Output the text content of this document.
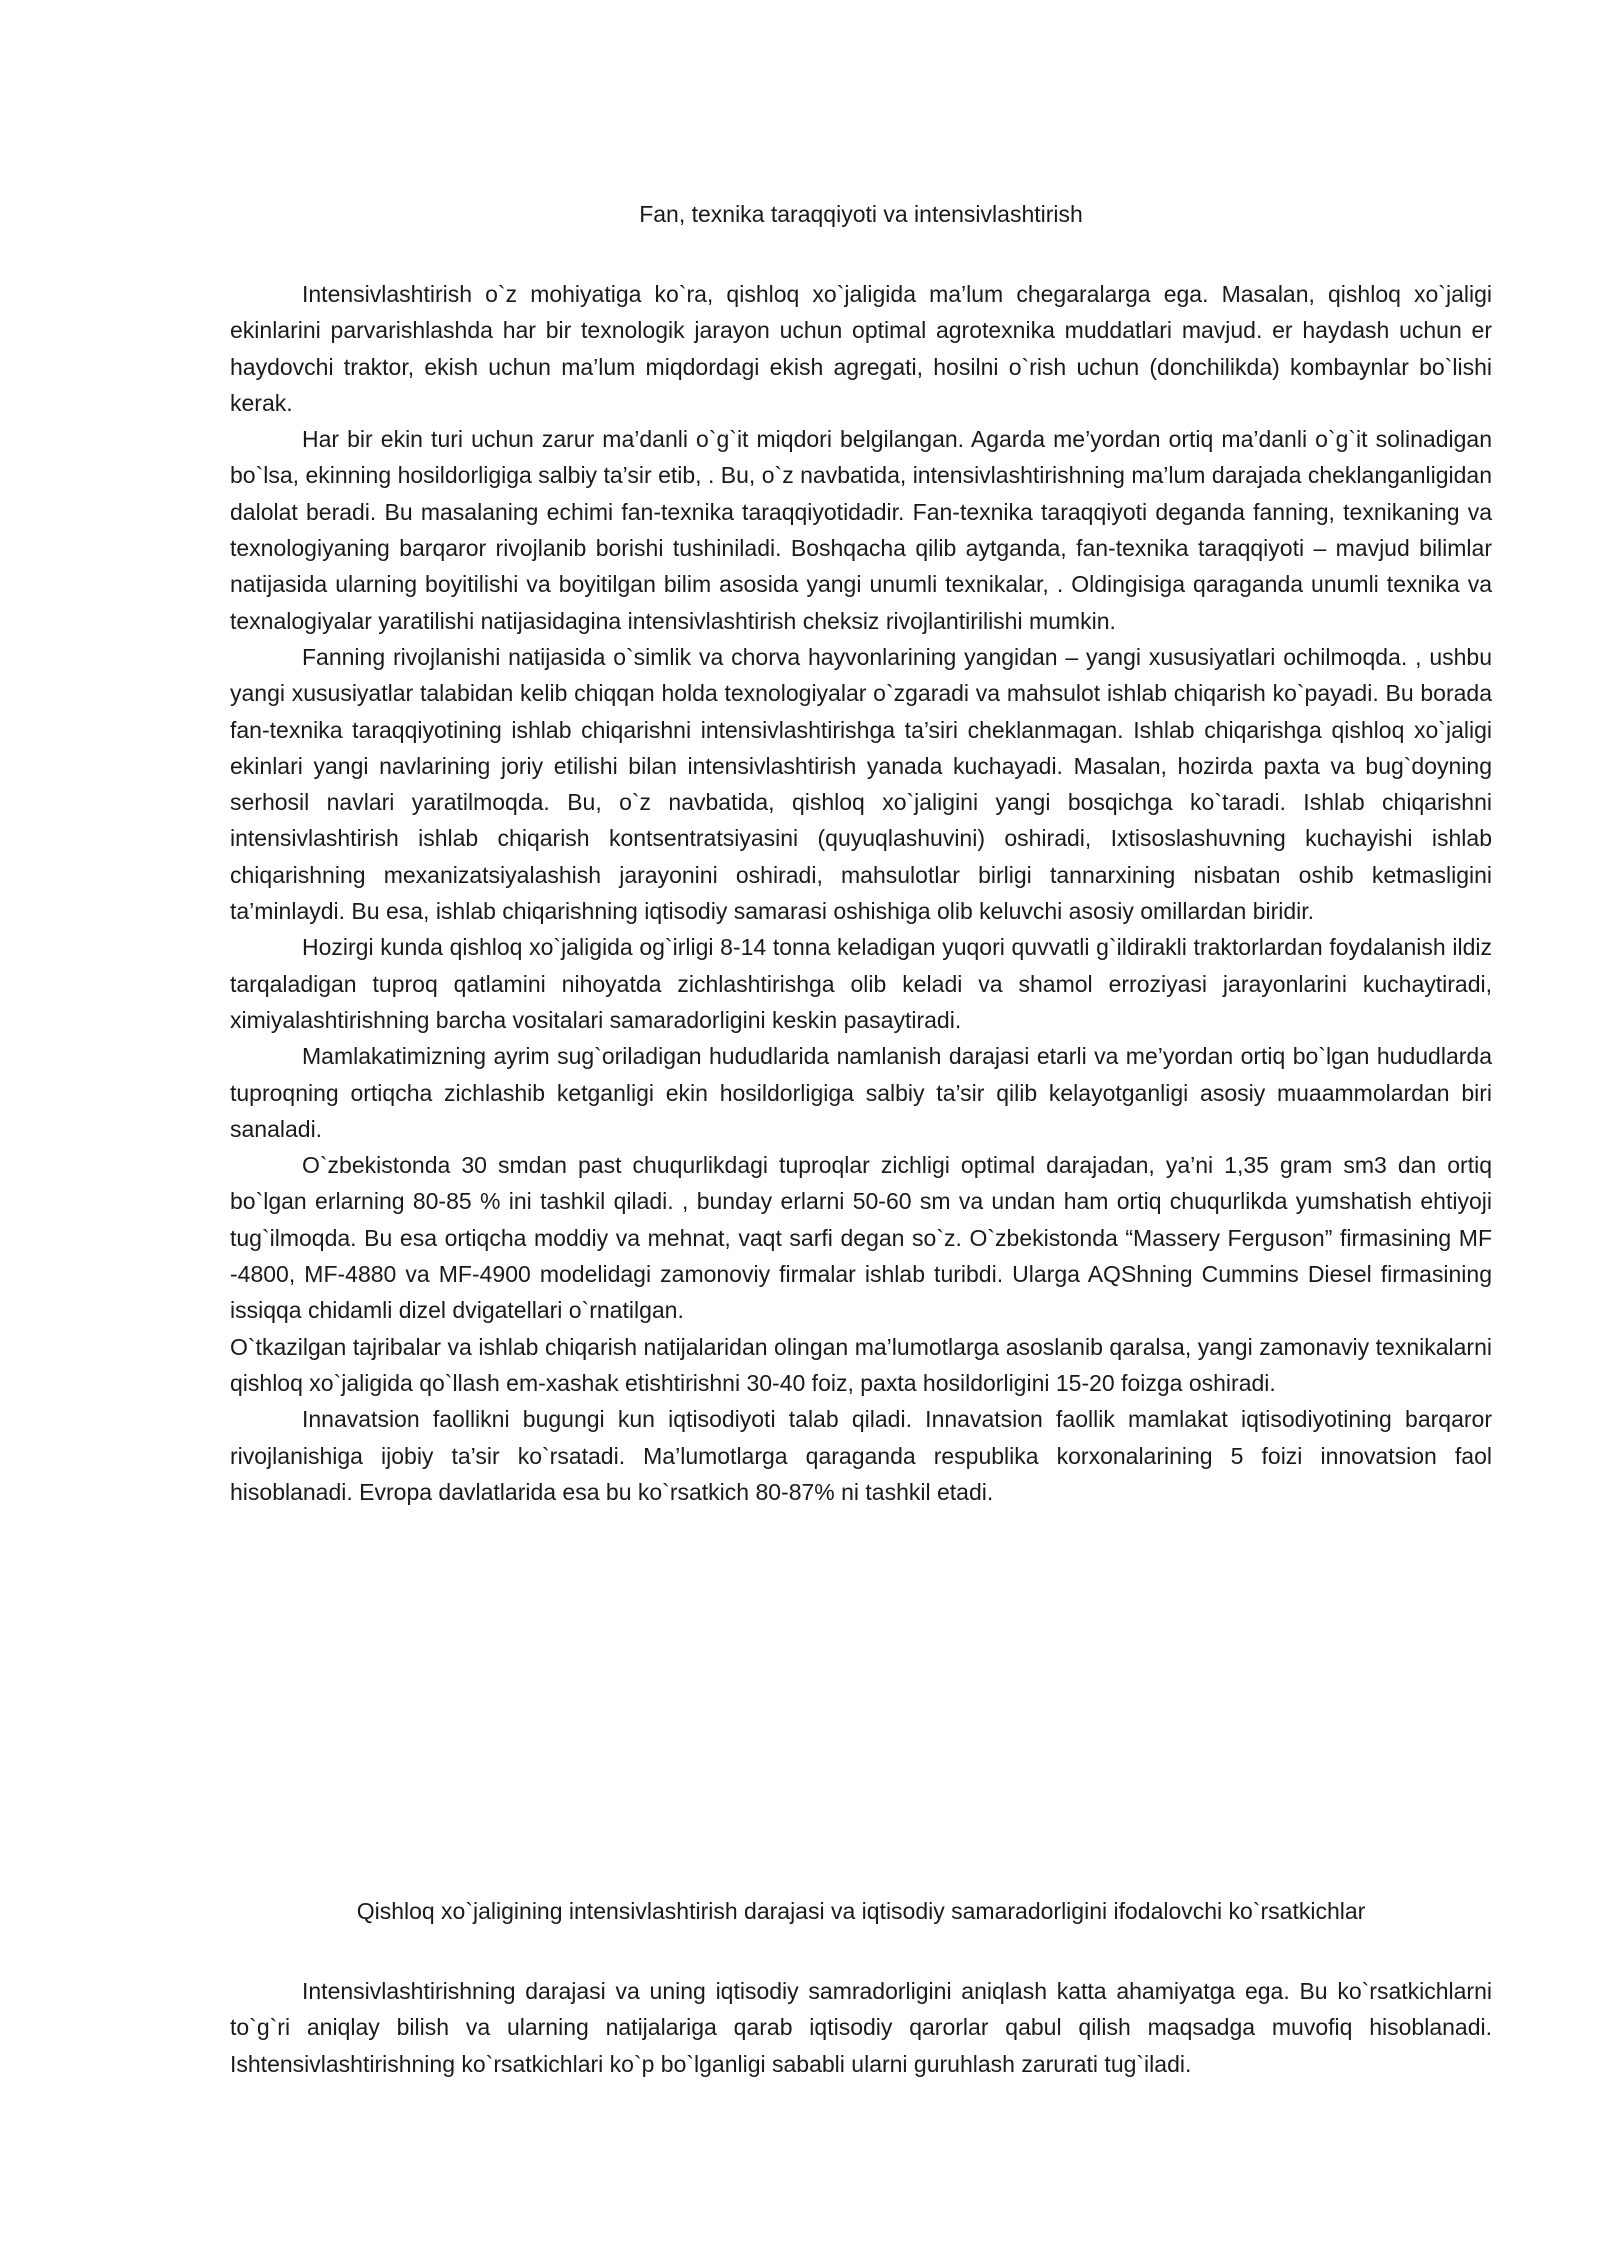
Fan, texnika taraqqiyoti va intensivlashtirish

Intensivlashtirish o`z mohiyatiga ko`ra, qishloq xo`jaligida ma’lum chegaralarga ega. Masalan, qishloq xo`jaligi ekinlarini parvarishlashda har bir texnologik jarayon uchun optimal agrotexnika muddatlari mavjud. er haydash uchun er haydovchi traktor, ekish uchun ma’lum miqdordagi ekish agregati, hosilni o`rish uchun (donchilikda) kombaynlar bo`lishi kerak.

Har bir ekin turi uchun zarur ma’danli o`g`it miqdori belgilangan. Agarda me’yordan ortiq ma’danli o`g`it solinadigan bo`lsa, ekinning hosildorligiga salbiy ta’sir etib, . Bu, o`z navbatida, intensivlashtirishning ma’lum darajada cheklanganligidan dalolat beradi. Bu masalaning echimi fan-texnika taraqqiyotidadir. Fan-texnika taraqqiyoti deganda fanning, texnikaning va texnologiyaning barqaror rivojlanib borishi tushiniladi. Boshqacha qilib aytganda, fan-texnika taraqqiyoti – mavjud bilimlar natijasida ularning boyitilishi va boyitilgan bilim asosida yangi unumli texnikalar, . Oldingisiga qaraganda unumli texnika va texnalogiyalar yaratilishi natijasidagina intensivlashtirish cheksiz rivojlantirilishi mumkin.

Fanning rivojlanishi natijasida o`simlik va chorva hayvonlarining yangidan – yangi xususiyatlari ochilmoqda. , ushbu yangi xususiyatlar talabidan kelib chiqqan holda texnologiyalar o`zgaradi va mahsulot ishlab chiqarish ko`payadi. Bu borada fan-texnika taraqqiyotining ishlab chiqarishni intensivlashtirishga ta’siri cheklanmagan. Ishlab chiqarishga qishloq xo`jaligi ekinlari yangi navlarining joriy etilishi bilan intensivlashtirish yanada kuchayadi. Masalan, hozirda paxta va bug`doyning serhosil navlari yaratilmoqda. Bu, o`z navbatida, qishloq xo`jaligini yangi bosqichga ko`taradi. Ishlab chiqarishni intensivlashtirish ishlab chiqarish kontsentratsiyasini (quyuqlashuvini) oshiradi, Ixtisoslashuvning kuchayishi ishlab chiqarishning mexanizatsiyalashish jarayonini oshiradi, mahsulotlar birligi tannarxining nisbatan oshib ketmasligini ta’minlaydi. Bu esa, ishlab chiqarishning iqtisodiy samarasi oshishiga olib keluvchi asosiy omillardan biridir.

Hozirgi kunda qishloq xo`jaligida og`irligi 8-14 tonna keladigan yuqori quvvatli g`ildirakli traktorlardan foydalanish ildiz tarqaladigan tuproq qatlamini nihoyatda zichlashtirishga olib keladi va shamol erroziyasi jarayonlarini kuchaytiradi, ximiyalashtirishning barcha vositalari samaradorligini keskin pasaytiradi.

Mamlakatimizning ayrim sug`oriladigan hududlarida namlanish darajasi etarli va me’yordan ortiq bo`lgan hududlarda tuproqning ortiqcha zichlashib ketganligi ekin hosildorligiga salbiy ta’sir qilib kelayotganligi asosiy muaammolardan biri sanaladi.

O`zbekistonda 30 smdan past chuqurlikdagi tuproqlar zichligi optimal darajadan, ya’ni 1,35 gram sm3 dan ortiq bo`lgan erlarning 80-85 % ini tashkil qiladi. , bunday erlarni 50-60 sm va undan ham ortiq chuqurlikda yumshatish ehtiyoji tug`ilmoqda. Bu esa ortiqcha moddiy va mehnat, vaqt sarfi degan so`z. O`zbekistonda “Massery Ferguson” firmasining MF -4800, MF-4880 va MF-4900 modelidagi zamonoviy firmalar ishlab turibdi. Ularga AQShning Cummins Diesel firmasining issiqqa chidamli dizel dvigatellari o`rnatilgan.

O`tkazilgan tajribalar va ishlab chiqarish natijalaridan olingan ma’lumotlarga asoslanib qaralsa, yangi zamonaviy texnikalarni qishloq xo`jaligida qo`llash em-xashak etishtirishni 30-40 foiz, paxta hosildorligini 15-20 foizga oshiradi.

Innavatsion faollikni bugungi kun iqtisodiyoti talab qiladi. Innavatsion faollik mamlakat iqtisodiyotining barqaror rivojlanishiga ijobiy ta’sir ko`rsatadi. Ma’lumotlarga qaraganda respublika korxonalarining 5 foizi innovatsion faol hisoblanadi. Evropa davlatlarida esa bu ko`rsatkich 80-87% ni tashkil etadi.

Qishloq xo`jaligining intensivlashtirish darajasi va iqtisodiy samaradorligini ifodalovchi ko`rsatkichlar

Intensivlashtirishning darajasi va uning iqtisodiy samradorligini aniqlash katta ahamiyatga ega. Bu ko`rsatkichlarni to`g`ri aniqlay bilish va ularning natijalariga qarab iqtisodiy qarorlar qabul qilish maqsadga muvofiq hisoblanadi. Ishtensivlashtirishning ko`rsatkichlari ko`p bo`lganligi sababli ularni guruhlash zarurati tug`iladi.
